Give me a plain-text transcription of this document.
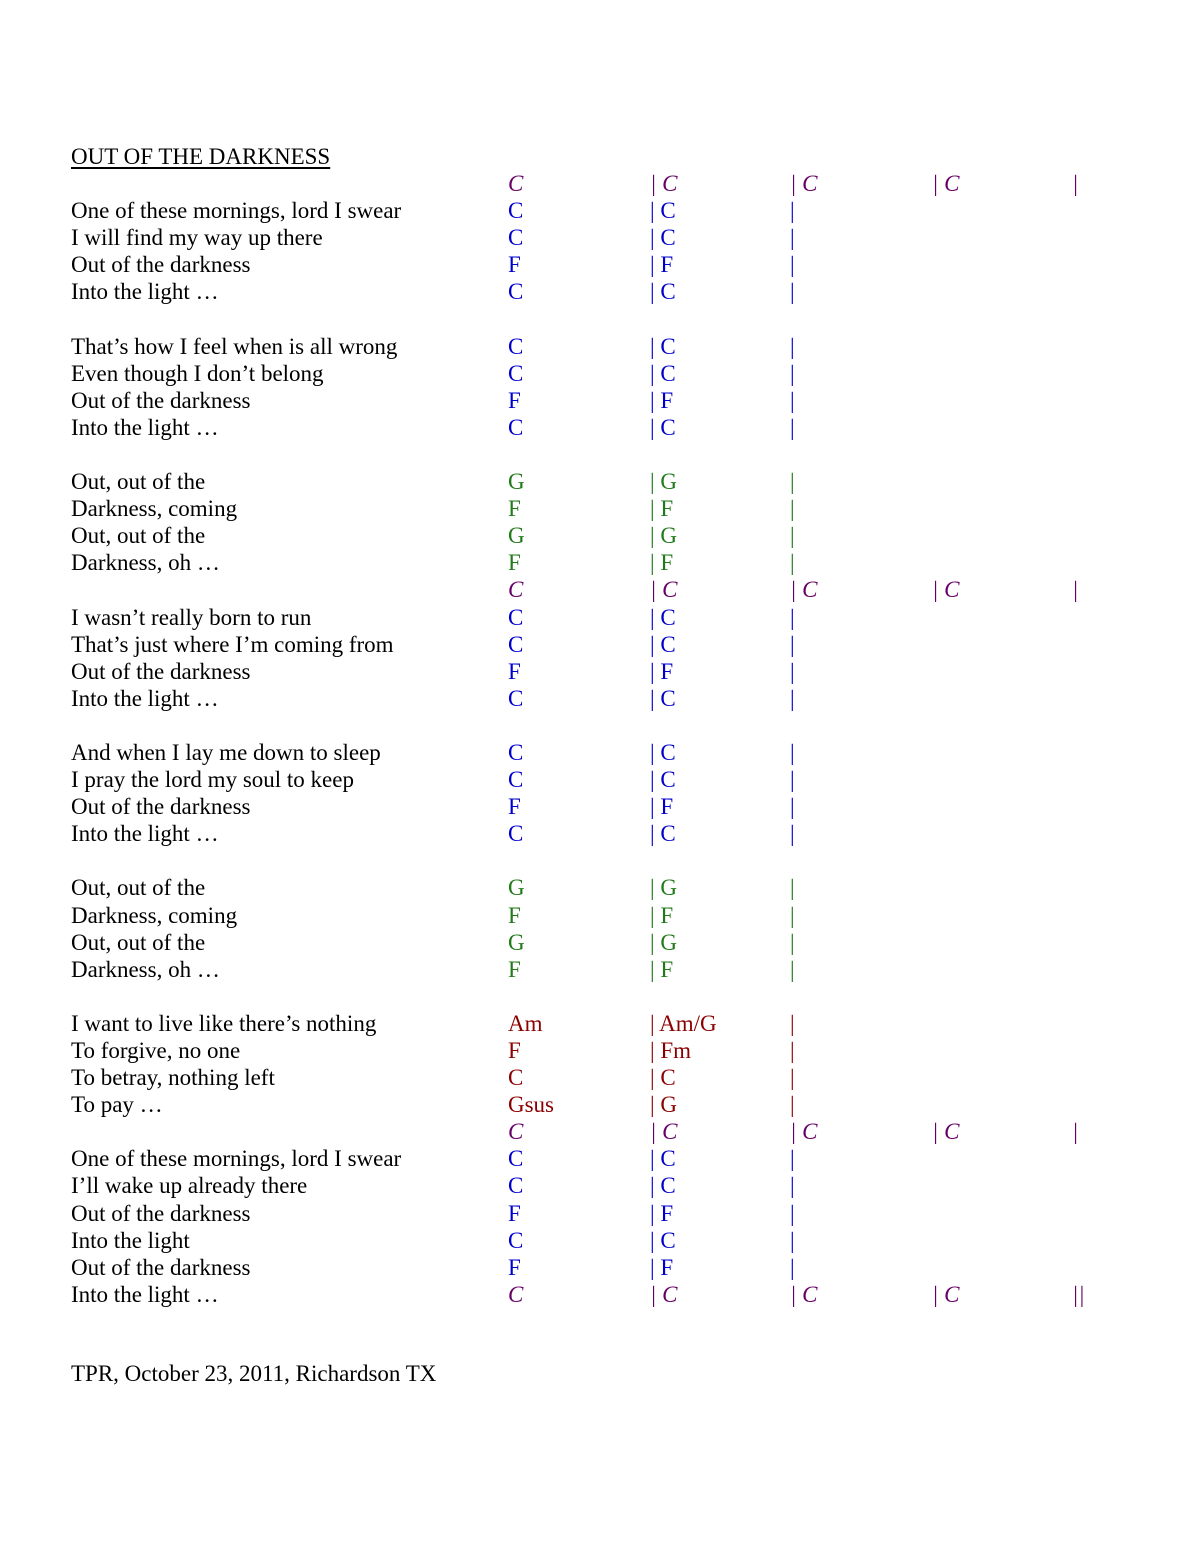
OUT OF THE DARKNESS
C	| C	| C	| C	|
One of these mornings, lord I swear	C	| C	|
I will find my way up there	C	| C	|
Out of the darkness	F	| F	|
Into the light …	C	| C	|
That’s how I feel when is all wrong	C	| C	|
Even though I don’t belong	C	| C	|
Out of the darkness	F	| F	|
Into the light …	C	| C	|
Out, out of the	G	| G	|
Darkness, coming	F	| F	|
Out, out of the	G	| G	|
Darkness, oh …	F	| F	|
C	| C	| C	| C	|
I wasn’t really born to run	C	| C	|
That’s just where I’m coming from	C	| C	|
Out of the darkness	F	| F	|
Into the light …	C	| C	|
And when I lay me down to sleep	C	| C	|
I pray the lord my soul to keep	C	| C	|
Out of the darkness	F	| F	|
Into the light …	C	| C	|
Out, out of the	G	| G	|
Darkness, coming	F	| F	|
Out, out of the	G	| G	|
Darkness, oh …	F	| F	|
I want to live like there’s nothing	Am	| Am/G	|
To forgive, no one	F	| Fm	|
To betray, nothing left	C	| C	|
To pay …	Gsus	| G	|
C	| C	| C	| C	|
One of these mornings, lord I swear	C	| C	|
I’ll wake up already there	C	| C	|
Out of the darkness	F	| F	|
Into the light	C	| C	|
Out of the darkness	F	| F	|
Into the light …	C	| C	| C	| C	||
TPR, October 23, 2011, Richardson TX
